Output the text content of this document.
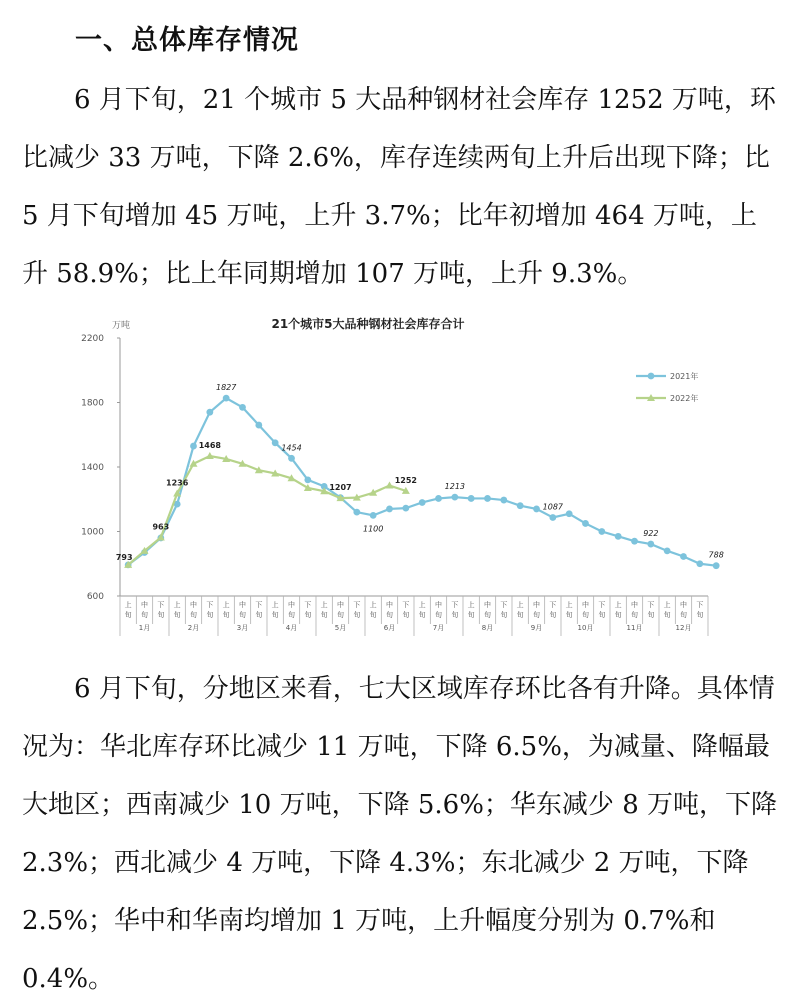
一、总体库存情况
6 月下旬，21 个城市 5 大品种钢材社会库存 1252 万吨，环比减少 33 万吨，下降 2.6%，库存连续两旬上升后出现下降；比 5 月下旬增加 45 万吨，上升 3.7%；比年初增加 464 万吨，上升 58.9%；比上年同期增加 107 万吨，上升 9.3%。
21个城市5大品种钢材社会库存合计
万吨
600
1000
1400
1800
2200
上
旬
中
旬
下
旬
上
旬
中
旬
下
旬
上
旬
中
旬
下
旬
上
旬
中
旬
下
旬
上
旬
中
旬
下
旬
上
旬
中
旬
下
旬
上
旬
中
旬
下
旬
上
旬
中
旬
下
旬
上
旬
中
旬
下
旬
上
旬
中
旬
下
旬
上
旬
中
旬
下
旬
上
旬
中
旬
下
旬
1月	2月	3月	4月	5月	6月	7月	8月	9月	10月	11月	12月
1827
1454
1100
1213
1087
922
788
793
963
1236
1468
1207
1252
2021年
2022年
6 月下旬，分地区来看，七大区域库存环比各有升降。具体情况为：华北库存环比减少 11 万吨，下降 6.5%，为减量、降幅最大地区；西南减少 10 万吨，下降 5.6%；华东减少 8 万吨，下降 2.3%；西北减少 4 万吨，下降 4.3%；东北减少 2 万吨，下降 2.5%；华中和华南均增加 1 万吨，上升幅度分别为 0.7%和 0.4%。
